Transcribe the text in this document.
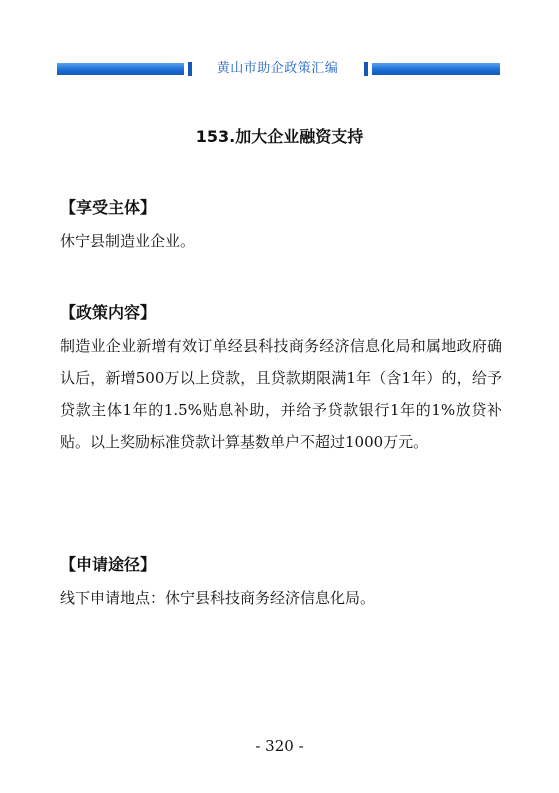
黄山市助企政策汇编
153.加大企业融资支持

【享受主体】

休宁县制造业企业。

【政策内容】

制造业企业新增有效订单经县科技商务经济信息化局和属地政府确认后，新增500万以上贷款，且贷款期限满1年（含1年）的，给予贷款主体1年的1.5%贴息补助，并给予贷款银行1年的1%放贷补贴。以上奖励标准贷款计算基数单户不超过1000万元。

【申请途径】

线下申请地点：休宁县科技商务经济信息化局。

- 320 -
